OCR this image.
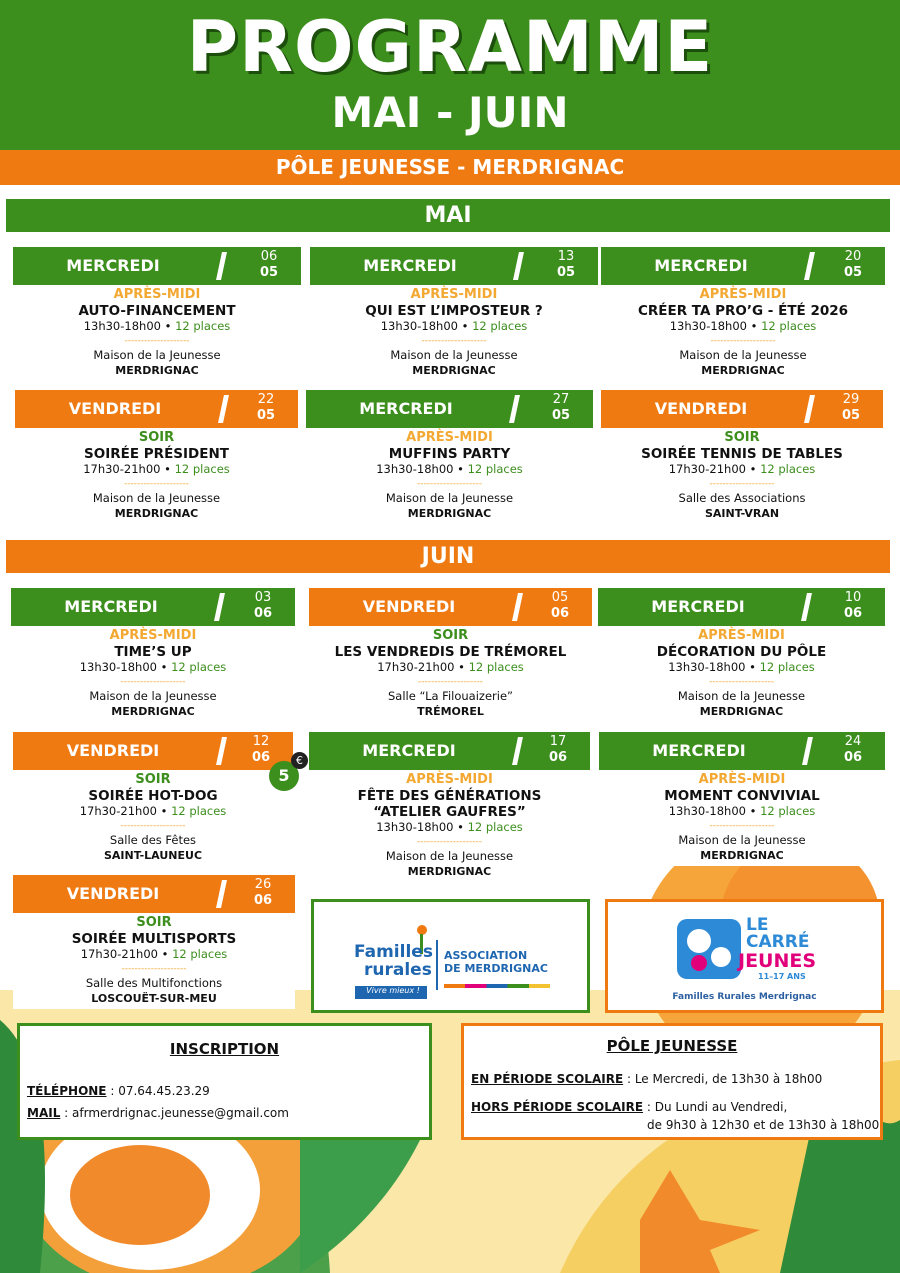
PROGRAMME
MAI - JUIN
PÔLE JEUNESSE - MERDRIGNAC
MAI
JUIN
MERCREDI	06
05
APRÈS-MIDI
AUTO-FINANCEMENT
13h30-18h00 • 12 places
--------------------
Maison de la Jeunesse
MERDRIGNAC
MERCREDI	13
05
APRÈS-MIDI
QUI EST L’IMPOSTEUR ?
13h30-18h00 • 12 places
--------------------
Maison de la Jeunesse
MERDRIGNAC
MERCREDI	20
05
APRÈS-MIDI
CRÉER TA PRO’G - ÉTÉ 2026
13h30-18h00 • 12 places
--------------------
Maison de la Jeunesse
MERDRIGNAC
VENDREDI	22
05
SOIR
SOIRÉE PRÉSIDENT
17h30-21h00 • 12 places
--------------------
Maison de la Jeunesse
MERDRIGNAC
MERCREDI	27
05
APRÈS-MIDI
MUFFINS PARTY
13h30-18h00 • 12 places
--------------------
Maison de la Jeunesse
MERDRIGNAC
VENDREDI	29
05
SOIR
SOIRÉE TENNIS DE TABLES
17h30-21h00 • 12 places
--------------------
Salle des Associations
SAINT-VRAN
MERCREDI	03
06
APRÈS-MIDI
TIME’S UP
13h30-18h00 • 12 places
--------------------
Maison de la Jeunesse
MERDRIGNAC
VENDREDI	05
06
SOIR
LES VENDREDIS DE TRÉMOREL
17h30-21h00 • 12 places
--------------------
Salle “La Filouaizerie”
TRÉMOREL
MERCREDI	10
06
APRÈS-MIDI
DÉCORATION DU PÔLE
13h30-18h00 • 12 places
--------------------
Maison de la Jeunesse
MERDRIGNAC
VENDREDI	12
06
SOIR
SOIRÉE HOT-DOG
17h30-21h00 • 12 places
--------------------
Salle des Fêtes
SAINT-LAUNEUC
MERCREDI	17
06
APRÈS-MIDI
FÊTE DES GÉNÉRATIONS
“ATELIER GAUFRES”
13h30-18h00 • 12 places
--------------------
Maison de la Jeunesse
MERDRIGNAC
MERCREDI	24
06
APRÈS-MIDI
MOMENT CONVIVIAL
13h30-18h00 • 12 places
--------------------
Maison de la Jeunesse
MERDRIGNAC
VENDREDI	26
06
SOIR
SOIRÉE MULTISPORTS
17h30-21h00 • 12 places
--------------------
Salle des Multifonctions
LOSCOUËT-SUR-MEU
5
€
Familles
rurales
Vivre mieux !
ASSOCIATION
DE MERDRIGNAC
LE
CARRÉ
JEUNES
11–17 ANS
Familles Rurales Merdrignac
INSCRIPTION
TÉLÉPHONE : 07.64.45.23.29
MAIL : afrmerdrignac.jeunesse@gmail.com
PÔLE JEUNESSE
EN PÉRIODE SCOLAIRE : Le Mercredi, de 13h30 à 18h00
HORS PÉRIODE SCOLAIRE : Du Lundi au Vendredi,
de 9h30 à 12h30 et de 13h30 à 18h00
